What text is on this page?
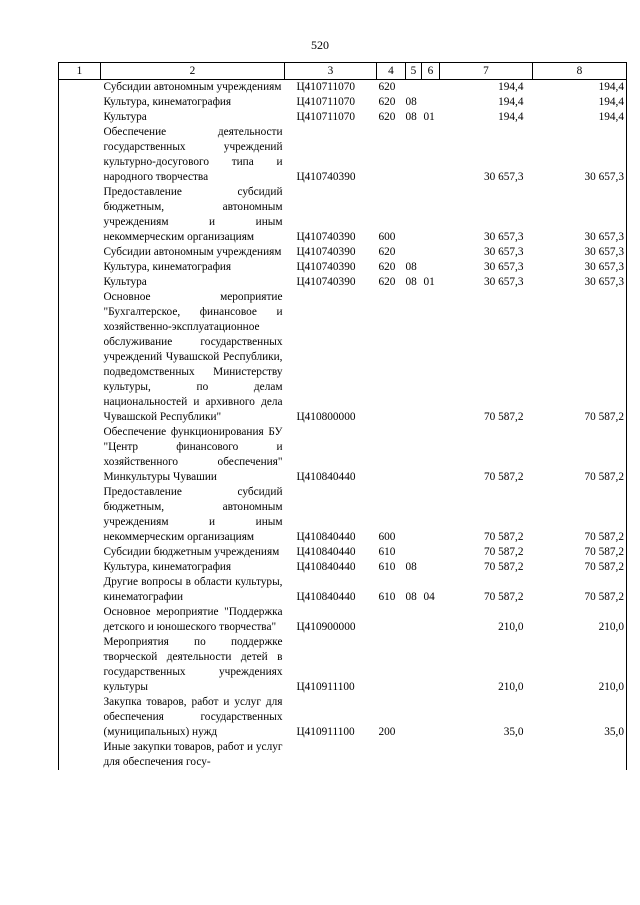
520
1	2	3	4	5	6	7	8
	Субсидии автономным учреждениям	Ц410711070	620			194,4	194,4
	Культура, кинематография	Ц410711070	620	08		194,4	194,4
	Культура	Ц410711070	620	08	01	194,4	194,4
	Обеспечение деятельности государственных учреждений культурно-досугового типа и народного творчества	Ц410740390				30 657,3	30 657,3
	Предоставление субсидий бюджетным, автономным учреждениям и иным некоммерческим организациям	Ц410740390	600			30 657,3	30 657,3
	Субсидии автономным учреждениям	Ц410740390	620			30 657,3	30 657,3
	Культура, кинематография	Ц410740390	620	08		30 657,3	30 657,3
	Культура	Ц410740390	620	08	01	30 657,3	30 657,3
	Основное мероприятие "Бухгалтерское, финансовое и хозяйственно-эксплуатационное обслуживание государственных учреждений Чувашской Республики, подведомственных Министерству культуры, по делам национальностей и архивного дела Чувашской Республики"	Ц410800000				70 587,2	70 587,2
	Обеспечение функционирования БУ "Центр финансового и хозяйственного обеспечения" Минкультуры Чувашии	Ц410840440				70 587,2	70 587,2
	Предоставление субсидий бюджетным, автономным учреждениям и иным некоммерческим организациям	Ц410840440	600			70 587,2	70 587,2
	Субсидии бюджетным учреждениям	Ц410840440	610			70 587,2	70 587,2
	Культура, кинематография	Ц410840440	610	08		70 587,2	70 587,2
	Другие вопросы в области культуры, кинематографии	Ц410840440	610	08	04	70 587,2	70 587,2
	Основное мероприятие "Поддержка детского и юношеского творчества"	Ц410900000				210,0	210,0
	Мероприятия по поддержке творческой деятельности детей в государственных учреждениях культуры	Ц410911100				210,0	210,0
	Закупка товаров, работ и услуг для обеспечения государственных (муниципальных) нужд	Ц410911100	200			35,0	35,0
	Иные закупки товаров, работ и услуг для обеспечения госу-						
